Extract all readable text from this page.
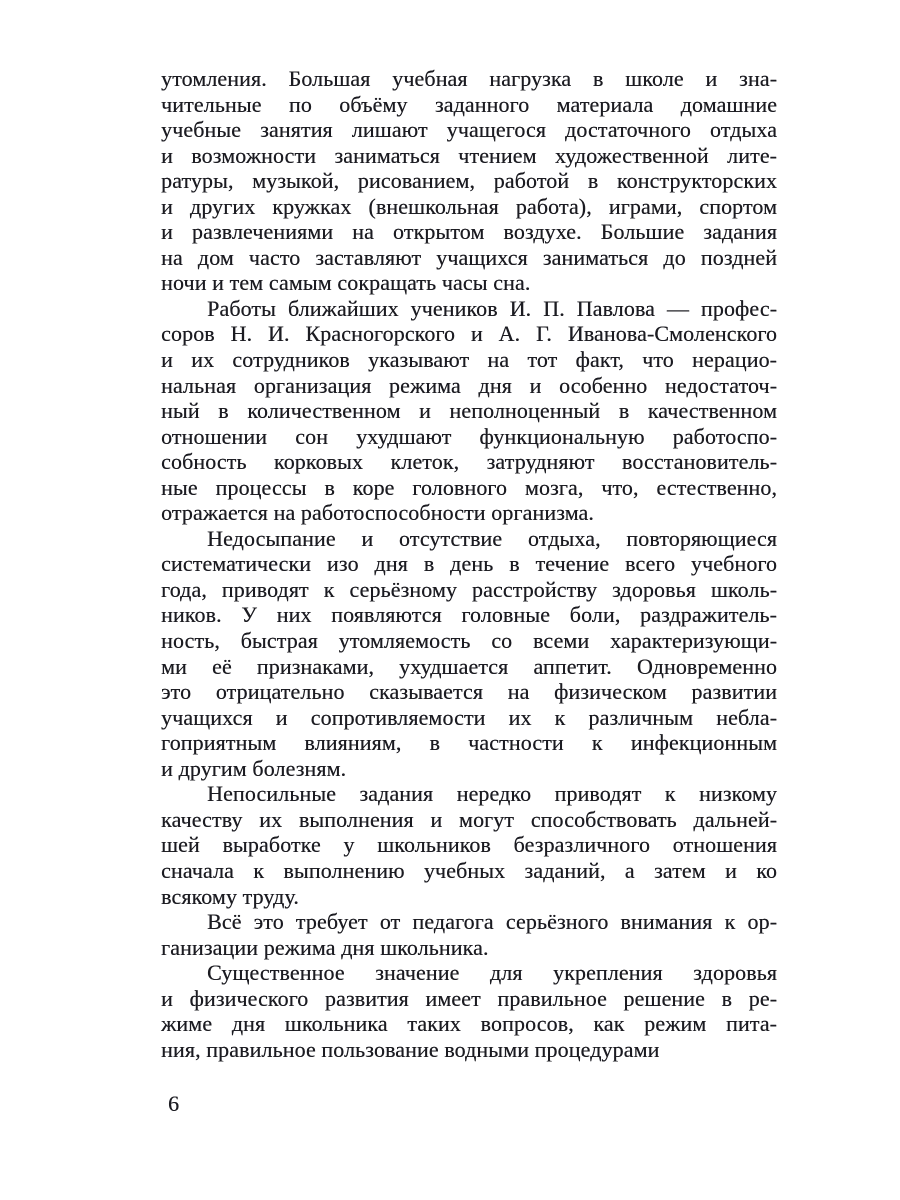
утомления. Большая учебная нагрузка в школе и зна-
чительные по объёму заданного материала домашние
учебные занятия лишают учащегося достаточного отдыха
и возможности заниматься чтением художественной лите-
ратуры, музыкой, рисованием, работой в конструкторских
и других кружках (внешкольная работа), играми, спортом
и развлечениями на открытом воздухе. Большие задания
на дом часто заставляют учащихся заниматься до поздней
ночи и тем самым сокращать часы сна.
Работы ближайших учеников И. П. Павлова — профес-
соров Н. И. Красногорского и А. Г. Иванова-Смоленского
и их сотрудников указывают на тот факт, что нерацио-
нальная организация режима дня и особенно недостаточ-
ный в количественном и неполноценный в качественном
отношении сон ухудшают функциональную работоспо-
собность корковых клеток, затрудняют восстановитель-
ные процессы в коре головного мозга, что, естественно,
отражается на работоспособности организма.
Недосыпание и отсутствие отдыха, повторяющиеся
систематически изо дня в день в течение всего учебного
года, приводят к серьёзному расстройству здоровья школь-
ников. У них появляются головные боли, раздражитель-
ность, быстрая утомляемость со всеми характеризующи-
ми её признаками, ухудшается аппетит. Одновременно
это отрицательно сказывается на физическом развитии
учащихся и сопротивляемости их к различным небла-
гоприятным влияниям, в частности к инфекционным
и другим болезням.
Непосильные задания нередко приводят к низкому
качеству их выполнения и могут способствовать дальней-
шей выработке у школьников безразличного отношения
сначала к выполнению учебных заданий, а затем и ко
всякому труду.
Всё это требует от педагога серьёзного внимания к ор-
ганизации режима дня школьника.
Существенное значение для укрепления здоровья
и физического развития имеет правильное решение в ре-
жиме дня школьника таких вопросов, как режим пита-
ния, правильное пользование водными процедурами
6
